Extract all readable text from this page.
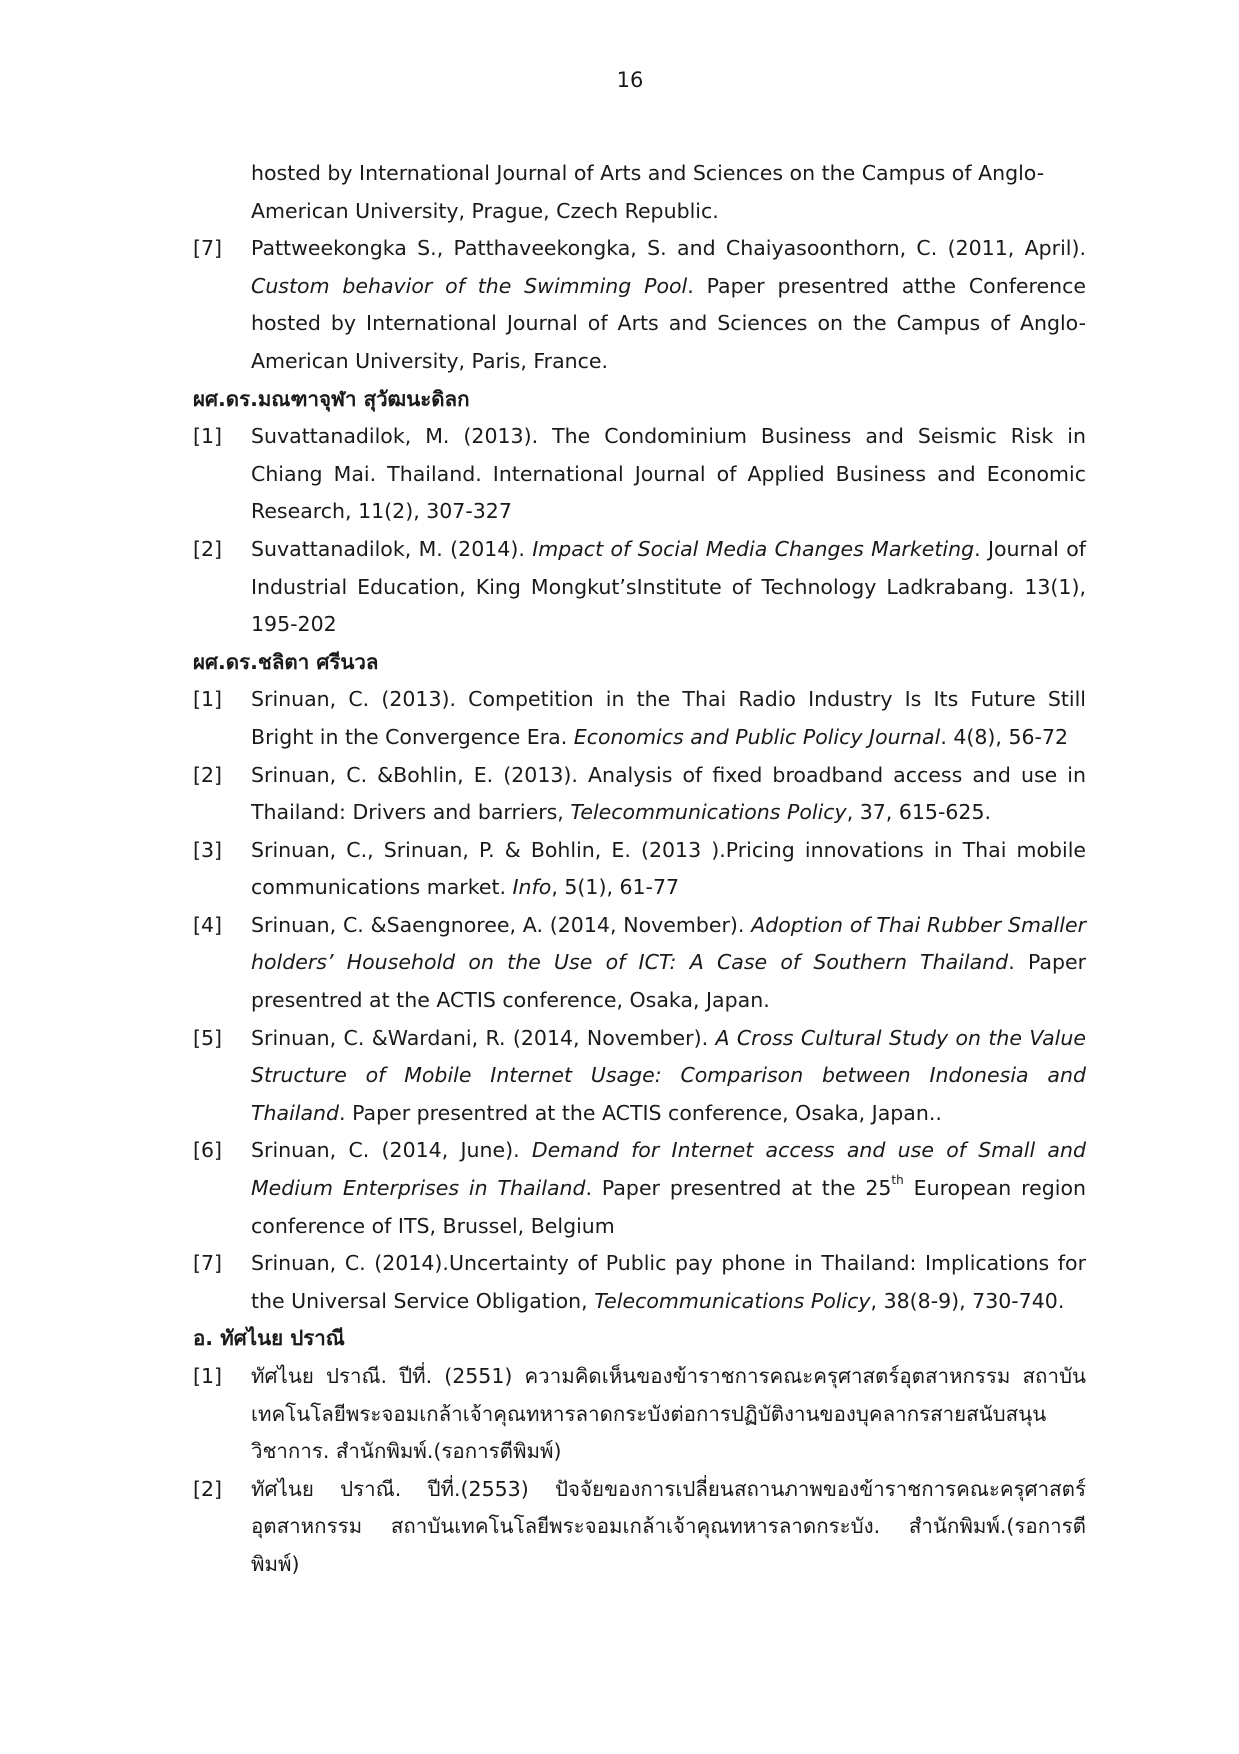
16
hosted by International Journal of Arts and Sciences on the Campus of Anglo-
American University, Prague, Czech Republic.
[7]	Pattweekongka S., Patthaveekongka, S. and Chaiyasoonthorn, C. (2011, April). Custom behavior of the Swimming Pool. Paper presentred atthe Conference hosted by International Journal of Arts and Sciences on the Campus of Anglo-American University, Paris, France.
ผศ.ดร.มณฑาจุฬา สุวัฒนะดิลก
[1]	Suvattanadilok, M. (2013). The Condominium Business and Seismic Risk in Chiang Mai. Thailand. International Journal of Applied Business and Economic Research, 11(2), 307-327
[2]	Suvattanadilok, M. (2014). Impact of Social Media Changes Marketing. Journal of Industrial Education, King Mongkut’sInstitute of Technology Ladkrabang. 13(1), 195-202
ผศ.ดร.ชลิตา ศรีนวล
[1]	Srinuan, C. (2013). Competition in the Thai Radio Industry Is Its Future Still Bright in the Convergence Era. Economics and Public Policy Journal. 4(8), 56-72
[2]	Srinuan, C. &Bohlin, E. (2013). Analysis of fixed broadband access and use in Thailand: Drivers and barriers, Telecommunications Policy, 37, 615-625.
[3]	Srinuan, C., Srinuan, P. & Bohlin, E. (2013 ).Pricing innovations in Thai mobile communications market. Info, 5(1), 61-77
[4]	Srinuan, C. &Saengnoree, A. (2014, November). Adoption of Thai Rubber Smaller holders’ Household on the Use of ICT: A Case of Southern Thailand. Paper presentred at the ACTIS conference, Osaka, Japan.
[5]	Srinuan, C. &Wardani, R. (2014, November). A Cross Cultural Study on the Value Structure of Mobile Internet Usage: Comparison between Indonesia and Thailand. Paper presentred at the ACTIS conference, Osaka, Japan..
[6]	Srinuan, C. (2014, June). Demand for Internet access and use of Small and Medium Enterprises in Thailand. Paper presentred at the 25th European region conference of ITS, Brussel, Belgium
[7]	Srinuan, C. (2014).Uncertainty of Public pay phone in Thailand: Implications for the Universal Service Obligation, Telecommunications Policy, 38(8-9), 730-740.
อ. ทัศไนย ปราณี
[1]	ทัศไนย ปราณี. ปีที่. (2551) ความคิดเห็นของข้าราชการคณะครุศาสตร์อุตสาหกรรม สถาบันเทคโนโลยีพระจอมเกล้าเจ้าคุณทหารลาดกระบังต่อการปฏิบัติงานของบุคลากรสายสนับสนุนวิชาการ. สำนักพิมพ์.(รอการตีพิมพ์)
[2]	ทัศไนย ปราณี. ปีที่.(2553) ปัจจัยของการเปลี่ยนสถานภาพของข้าราชการคณะครุศาสตร์อุตสาหกรรม สถาบันเทคโนโลยีพระจอมเกล้าเจ้าคุณทหารลาดกระบัง. สำนักพิมพ์.(รอการตีพิมพ์)
